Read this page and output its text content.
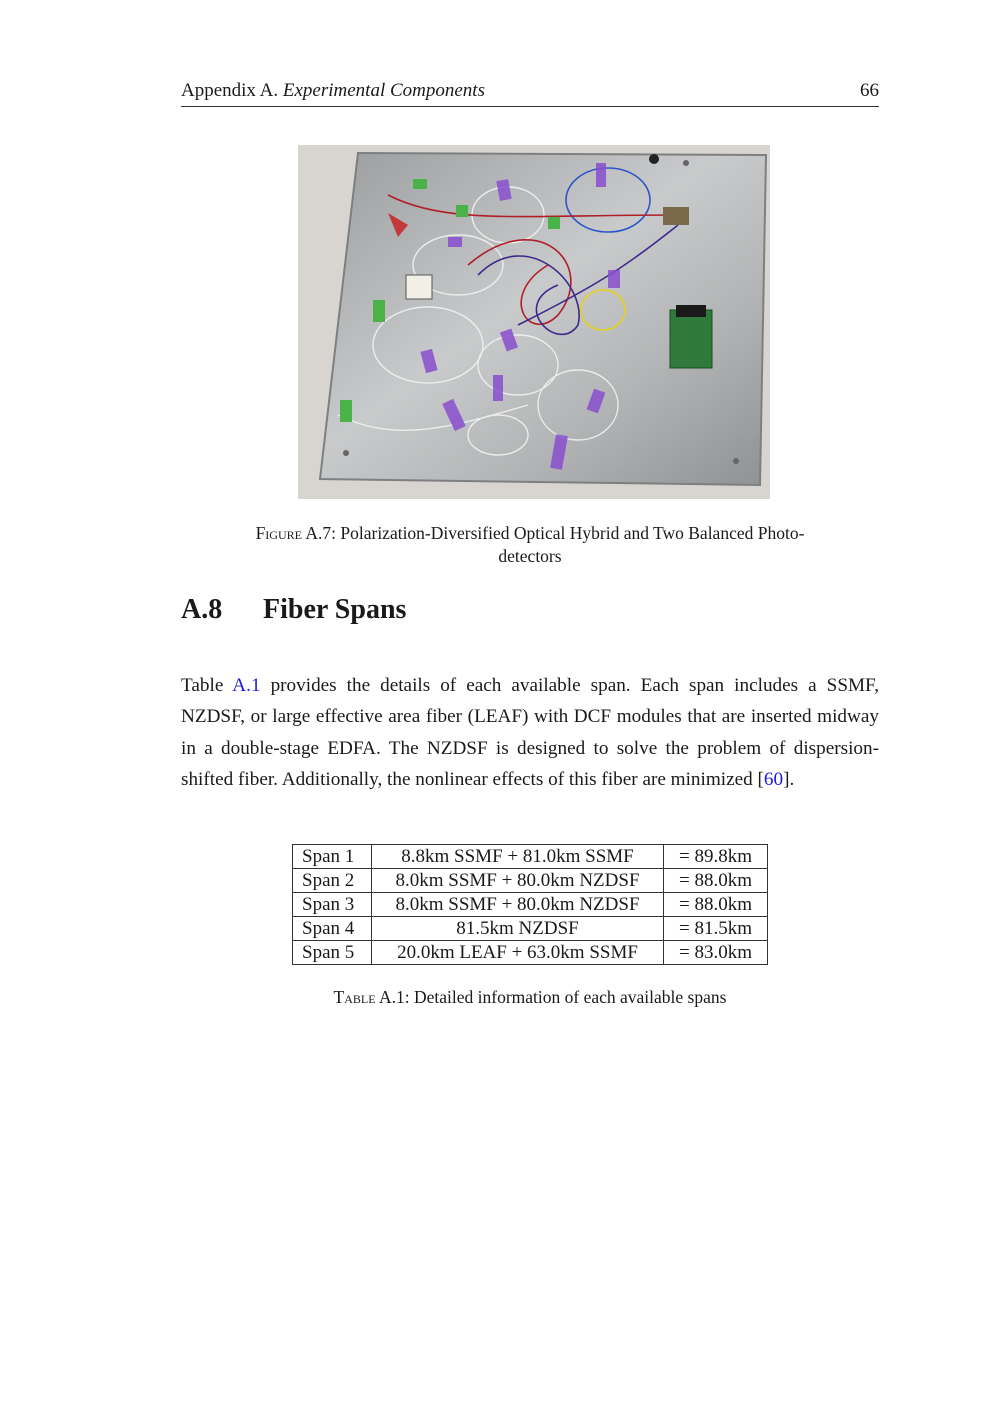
Appendix A. Experimental Components	66
Figure A.7: Polarization-Diversified Optical Hybrid and Two Balanced Photo-
detectors
A.8 Fiber Spans
Table A.1 provides the details of each available span. Each span includes a SSMF, NZDSF, or large effective area fiber (LEAF) with DCF modules that are inserted midway in a double-stage EDFA. The NZDSF is designed to solve the problem of dispersion-shifted fiber. Additionally, the nonlinear effects of this fiber are minimized [60].
Span 1	8.8km SSMF + 81.0km SSMF	= 89.8km
Span 2	8.0km SSMF + 80.0km NZDSF	= 88.0km
Span 3	8.0km SSMF + 80.0km NZDSF	= 88.0km
Span 4	81.5km NZDSF	= 81.5km
Span 5	20.0km LEAF + 63.0km SSMF	= 83.0km
Table A.1: Detailed information of each available spans
